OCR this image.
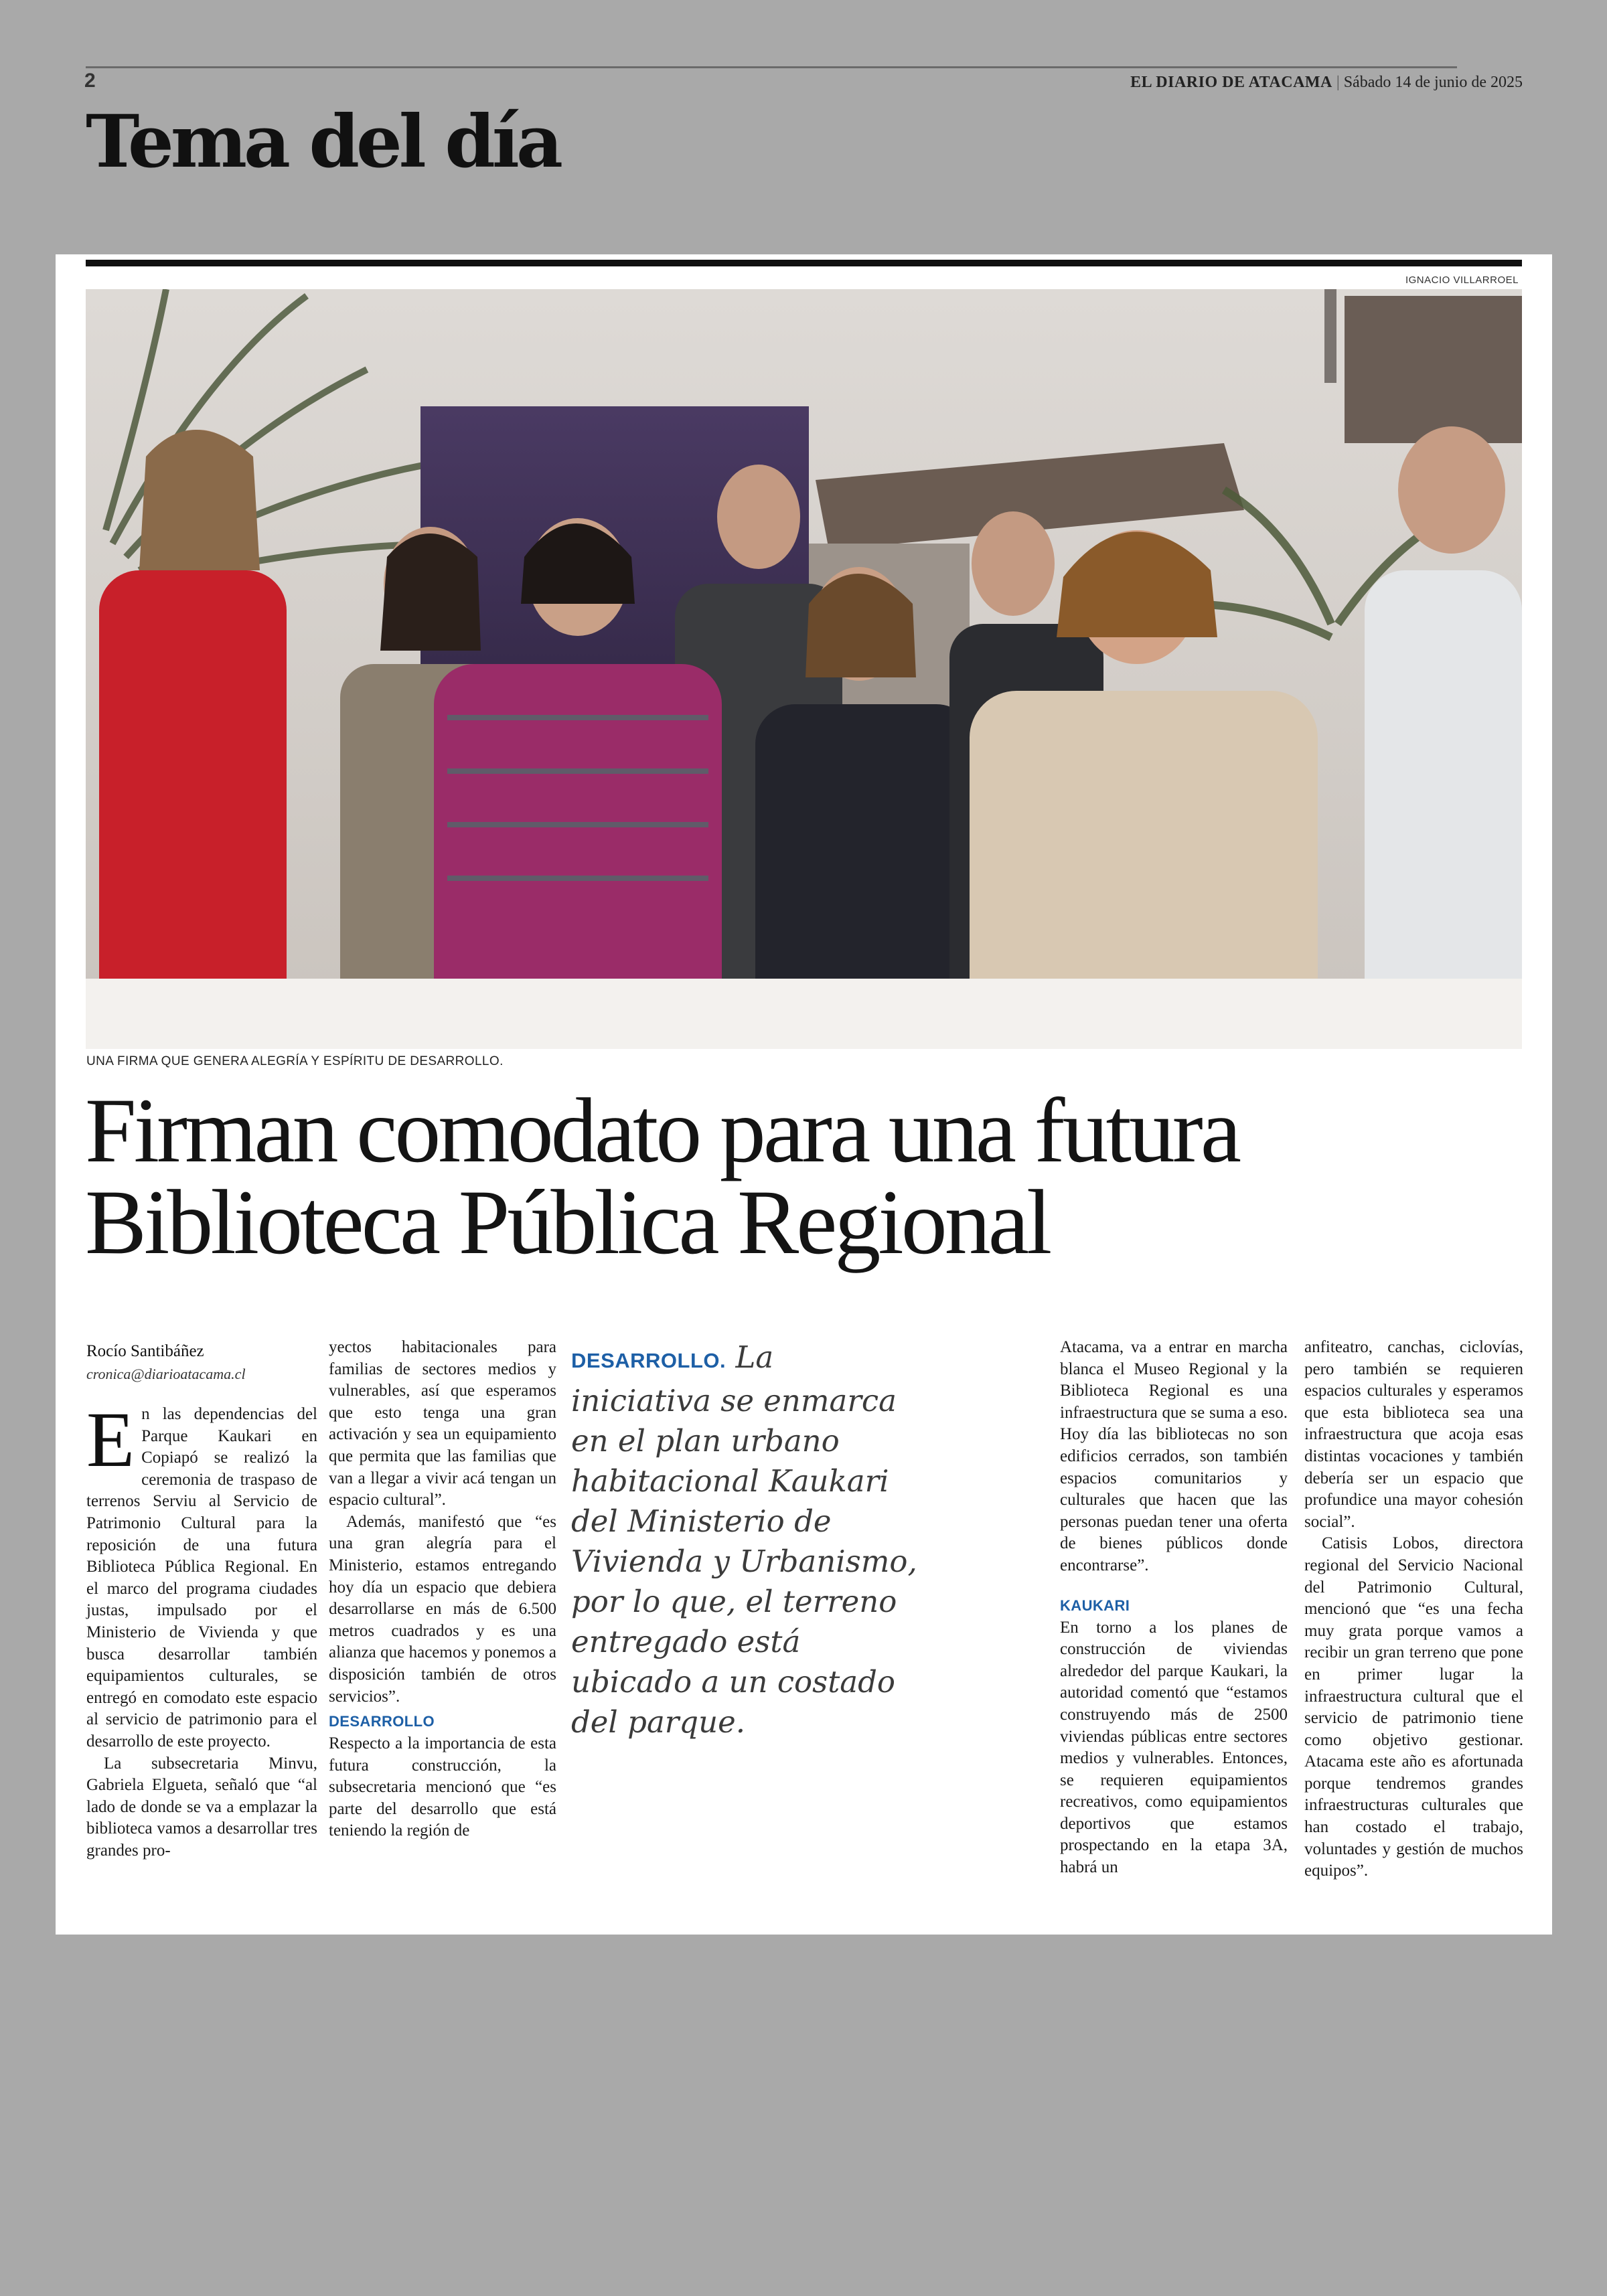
2	EL DIARIO DE ATACAMA | Sábado 14 de junio de 2025
Tema del día
IGNACIO VILLARROEL
UNA FIRMA QUE GENERA ALEGRÍA Y ESPÍRITU DE DESARROLLO.
Firman comodato para una futura
Biblioteca Pública Regional
Rocío Santibáñez
cronica@diarioatacama.cl

En las dependencias del Parque Kaukari en Copiapó se realizó la ceremonia de traspaso de terrenos Serviu al Servicio de Patrimonio Cultural para la reposición de una futura Biblioteca Pública Regional. En el marco del programa ciudades justas, impulsado por el Ministerio de Vivienda y que busca desarrollar también equipamientos culturales, se entregó en comodato este espacio al servicio de patrimonio para el desarrollo de este proyecto.

La subsecretaria Minvu, Gabriela Elgueta, señaló que “al lado de donde se va a emplazar la biblioteca vamos a desarrollar tres grandes pro-

yectos habitacionales para familias de sectores medios y vulnerables, así que esperamos que esto tenga una gran activación y sea un equipamiento que permita que las familias que van a llegar a vivir acá tengan un espacio cultural”.

Además, manifestó que “es una gran alegría para el Ministerio, estamos entregando hoy día un espacio que debiera desarrollarse en más de 6.500 metros cuadrados y es una alianza que hacemos y ponemos a disposición también de otros servicios”.

DESARROLLO

Respecto a la importancia de esta futura construcción, la subsecretaria mencionó que “es parte del desarrollo que está teniendo la región de

DESARROLLO. La iniciativa se enmarca en el plan urbano habitacional Kaukari del Ministerio de Vivienda y Urbanismo, por lo que, el terreno entregado está ubicado a un costado del parque.

Atacama, va a entrar en marcha blanca el Museo Regional y la Biblioteca Regional es una infraestructura que se suma a eso. Hoy día las bibliotecas no son edificios cerrados, son también espacios comunitarios y culturales que hacen que las personas puedan tener una oferta de bienes públicos donde encontrarse”.

KAUKARI

En torno a los planes de construcción de viviendas alrededor del parque Kaukari, la autoridad comentó que “estamos construyendo más de 2500 viviendas públicas entre sectores medios y vulnerables. Entonces, se requieren equipamientos recreativos, como equipamientos deportivos que estamos prospectando en la etapa 3A, habrá un

anfiteatro, canchas, ciclovías, pero también se requieren espacios culturales y esperamos que esta biblioteca sea una infraestructura que acoja esas distintas vocaciones y también debería ser un espacio que profundice una mayor cohesión social”.

Catisis Lobos, directora regional del Servicio Nacional del Patrimonio Cultural, mencionó que “es una fecha muy grata porque vamos a recibir un gran terreno que pone en primer lugar la infraestructura cultural que el servicio de patrimonio tiene como objetivo gestionar. Atacama este año es afortunada porque tendremos grandes infraestructuras culturales que han costado el trabajo, voluntades y gestión de muchos equipos”.
